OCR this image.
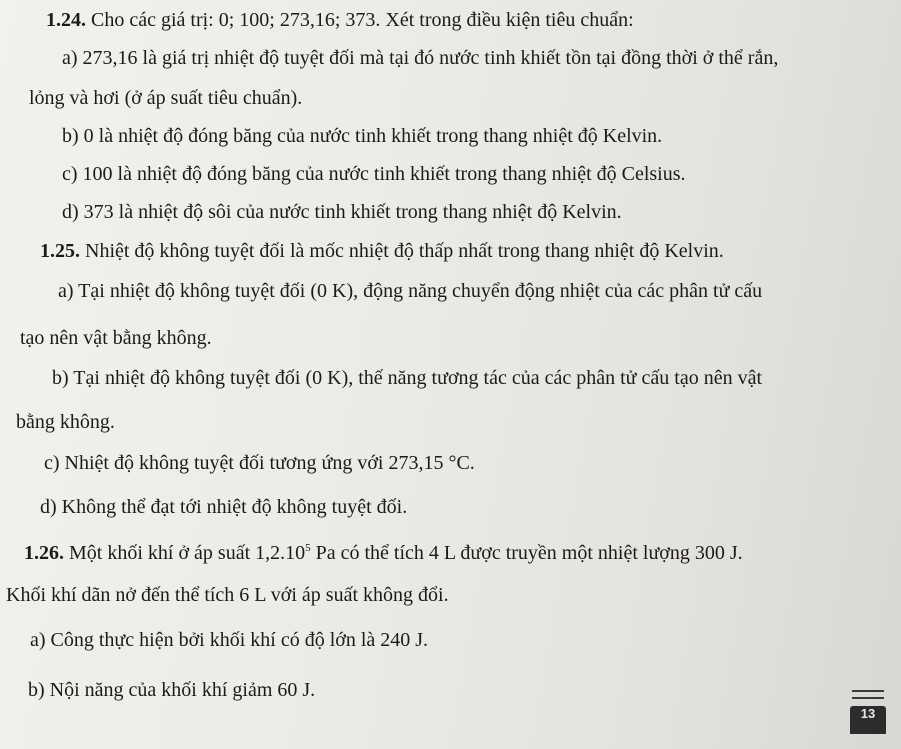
1.24. Cho các giá trị: 0; 100; 273,16; 373. Xét trong điều kiện tiêu chuẩn:
a) 273,16 là giá trị nhiệt độ tuyệt đối mà tại đó nước tinh khiết tồn tại đồng thời ở thể rắn,
lỏng và hơi (ở áp suất tiêu chuẩn).
b) 0 là nhiệt độ đóng băng của nước tinh khiết trong thang nhiệt độ Kelvin.
c) 100 là nhiệt độ đóng băng của nước tinh khiết trong thang nhiệt độ Celsius.
d) 373 là nhiệt độ sôi của nước tinh khiết trong thang nhiệt độ Kelvin.
1.25. Nhiệt độ không tuyệt đối là mốc nhiệt độ thấp nhất trong thang nhiệt độ Kelvin.
a) Tại nhiệt độ không tuyệt đối (0 K), động năng chuyển động nhiệt của các phân tử cấu
tạo nên vật bằng không.
b) Tại nhiệt độ không tuyệt đối (0 K), thế năng tương tác của các phân tử cấu tạo nên vật
bằng không.
c) Nhiệt độ không tuyệt đối tương ứng với 273,15 °C.
d) Không thể đạt tới nhiệt độ không tuyệt đối.
1.26. Một khối khí ở áp suất 1,2.10$^5$ Pa có thể tích 4 L được truyền một nhiệt lượng 300 J.
Khối khí dãn nở đến thể tích 6 L với áp suất không đổi.
a) Công thực hiện bởi khối khí có độ lớn là 240 J.
b) Nội năng của khối khí giảm 60 J.
13
